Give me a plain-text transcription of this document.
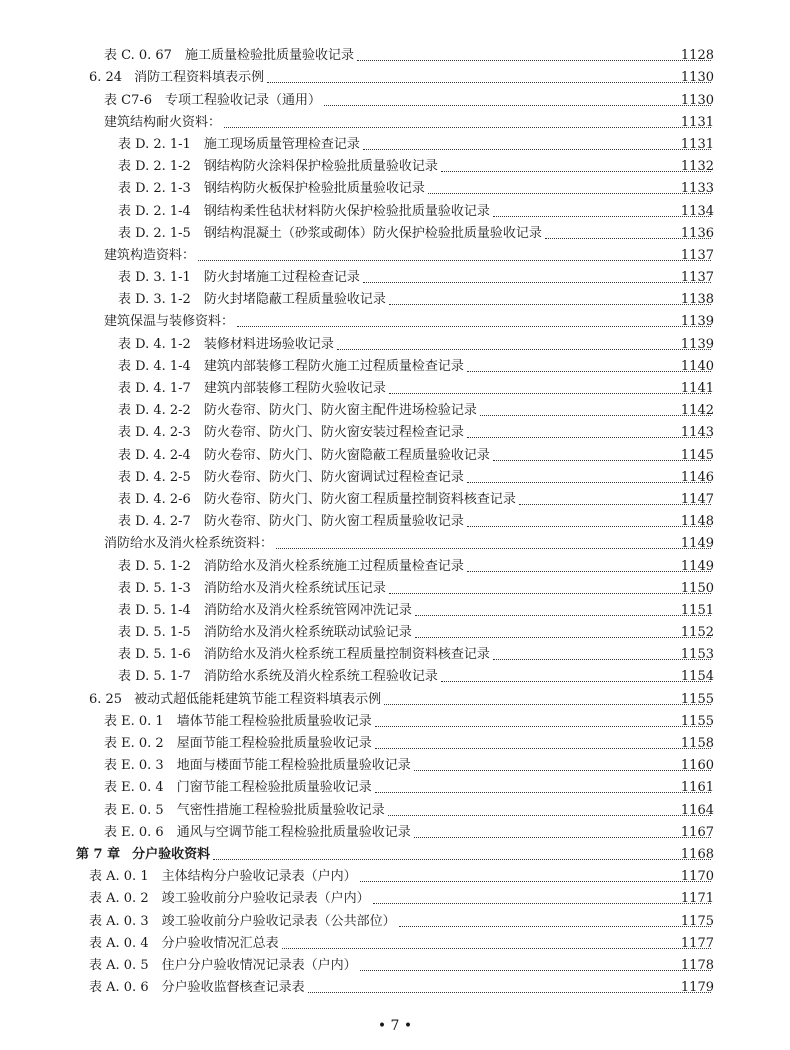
表 C. 0. 67 施工质量检验批质量验收记录	1128
6. 24 消防工程资料填表示例	1130
表 C7-6 专项工程验收记录（通用）	1130
建筑结构耐火资料：	1131
表 D. 2. 1-1 施工现场质量管理检查记录	1131
表 D. 2. 1-2 钢结构防火涂料保护检验批质量验收记录	1132
表 D. 2. 1-3 钢结构防火板保护检验批质量验收记录	1133
表 D. 2. 1-4 钢结构柔性毡状材料防火保护检验批质量验收记录	1134
表 D. 2. 1-5 钢结构混凝土（砂浆或砌体）防火保护检验批质量验收记录	1136
建筑构造资料：	1137
表 D. 3. 1-1 防火封堵施工过程检查记录	1137
表 D. 3. 1-2 防火封堵隐蔽工程质量验收记录	1138
建筑保温与装修资料：	1139
表 D. 4. 1-2 装修材料进场验收记录	1139
表 D. 4. 1-4 建筑内部装修工程防火施工过程质量检查记录	1140
表 D. 4. 1-7 建筑内部装修工程防火验收记录	1141
表 D. 4. 2-2 防火卷帘、防火门、防火窗主配件进场检验记录	1142
表 D. 4. 2-3 防火卷帘、防火门、防火窗安装过程检查记录	1143
表 D. 4. 2-4 防火卷帘、防火门、防火窗隐蔽工程质量验收记录	1145
表 D. 4. 2-5 防火卷帘、防火门、防火窗调试过程检查记录	1146
表 D. 4. 2-6 防火卷帘、防火门、防火窗工程质量控制资料核查记录	1147
表 D. 4. 2-7 防火卷帘、防火门、防火窗工程质量验收记录	1148
消防给水及消火栓系统资料：	1149
表 D. 5. 1-2 消防给水及消火栓系统施工过程质量检查记录	1149
表 D. 5. 1-3 消防给水及消火栓系统试压记录	1150
表 D. 5. 1-4 消防给水及消火栓系统管网冲洗记录	1151
表 D. 5. 1-5 消防给水及消火栓系统联动试验记录	1152
表 D. 5. 1-6 消防给水及消火栓系统工程质量控制资料核查记录	1153
表 D. 5. 1-7 消防给水系统及消火栓系统工程验收记录	1154
6. 25 被动式超低能耗建筑节能工程资料填表示例	1155
表 E. 0. 1 墙体节能工程检验批质量验收记录	1155
表 E. 0. 2 屋面节能工程检验批质量验收记录	1158
表 E. 0. 3 地面与楼面节能工程检验批质量验收记录	1160
表 E. 0. 4 门窗节能工程检验批质量验收记录	1161
表 E. 0. 5 气密性措施工程检验批质量验收记录	1164
表 E. 0. 6 通风与空调节能工程检验批质量验收记录	1167
第 7 章 分户验收资料	1168
表 A. 0. 1 主体结构分户验收记录表（户内）	1170
表 A. 0. 2 竣工验收前分户验收记录表（户内）	1171
表 A. 0. 3 竣工验收前分户验收记录表（公共部位）	1175
表 A. 0. 4 分户验收情况汇总表	1177
表 A. 0. 5 住户分户验收情况记录表（户内）	1178
表 A. 0. 6 分户验收监督核查记录表	1179
• 7 •
